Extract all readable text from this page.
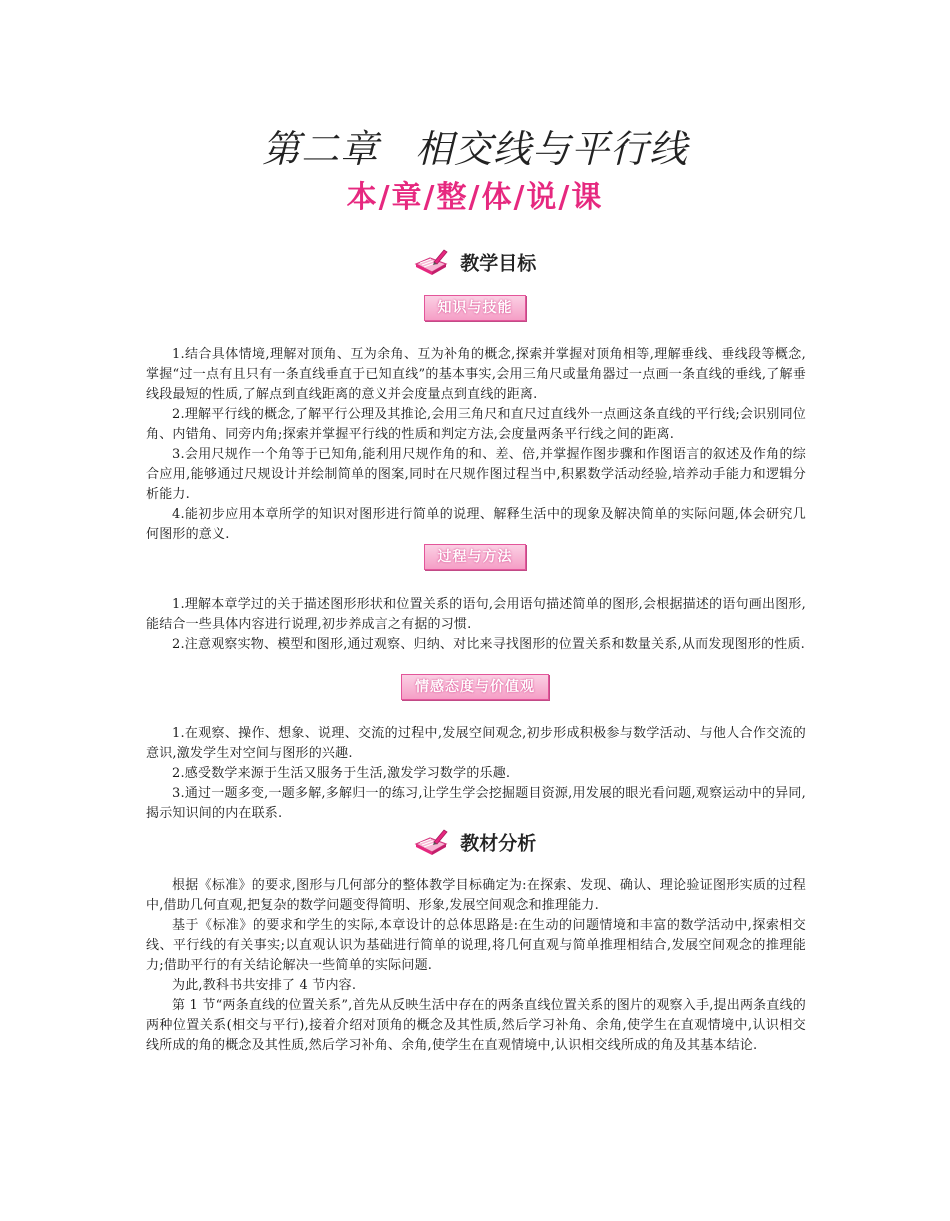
第二章 相交线与平行线
本/章/整/体/说/课
教学目标
知识与技能

1.结合具体情境,理解对顶角、互为余角、互为补角的概念,探索并掌握对顶角相等,理解垂线、垂线段等概念,掌握“过一点有且只有一条直线垂直于已知直线”的基本事实,会用三角尺或量角器过一点画一条直线的垂线,了解垂线段最短的性质,了解点到直线距离的意义并会度量点到直线的距离.

2.理解平行线的概念,了解平行公理及其推论,会用三角尺和直尺过直线外一点画这条直线的平行线;会识别同位角、内错角、同旁内角;探索并掌握平行线的性质和判定方法,会度量两条平行线之间的距离.

3.会用尺规作一个角等于已知角,能利用尺规作角的和、差、倍,并掌握作图步骤和作图语言的叙述及作角的综合应用,能够通过尺规设计并绘制简单的图案,同时在尺规作图过程当中,积累数学活动经验,培养动手能力和逻辑分析能力.

4.能初步应用本章所学的知识对图形进行简单的说理、解释生活中的现象及解决简单的实际问题,体会研究几何图形的意义.

过程与方法

1.理解本章学过的关于描述图形形状和位置关系的语句,会用语句描述简单的图形,会根据描述的语句画出图形,能结合一些具体内容进行说理,初步养成言之有据的习惯.

2.注意观察实物、模型和图形,通过观察、归纳、对比来寻找图形的位置关系和数量关系,从而发现图形的性质.

情感态度与价值观

1.在观察、操作、想象、说理、交流的过程中,发展空间观念,初步形成积极参与数学活动、与他人合作交流的意识,激发学生对空间与图形的兴趣.

2.感受数学来源于生活又服务于生活,激发学习数学的乐趣.

3.通过一题多变,一题多解,多解归一的练习,让学生学会挖掘题目资源,用发展的眼光看问题,观察运动中的异同,揭示知识间的内在联系.

教材分析

根据《标准》的要求,图形与几何部分的整体教学目标确定为:在探索、发现、确认、理论验证图形实质的过程中,借助几何直观,把复杂的数学问题变得简明、形象,发展空间观念和推理能力.

基于《标准》的要求和学生的实际,本章设计的总体思路是:在生动的问题情境和丰富的数学活动中,探索相交线、平行线的有关事实;以直观认识为基础进行简单的说理,将几何直观与简单推理相结合,发展空间观念的推理能力;借助平行的有关结论解决一些简单的实际问题.

为此,教科书共安排了 4 节内容.

第 1 节“两条直线的位置关系”,首先从反映生活中存在的两条直线位置关系的图片的观察入手,提出两条直线的两种位置关系(相交与平行),接着介绍对顶角的概念及其性质,然后学习补角、余角,使学生在直观情境中,认识相交线所成的角的概念及其性质,然后学习补角、余角,使学生在直观情境中,认识相交线所成的角及其基本结论.
